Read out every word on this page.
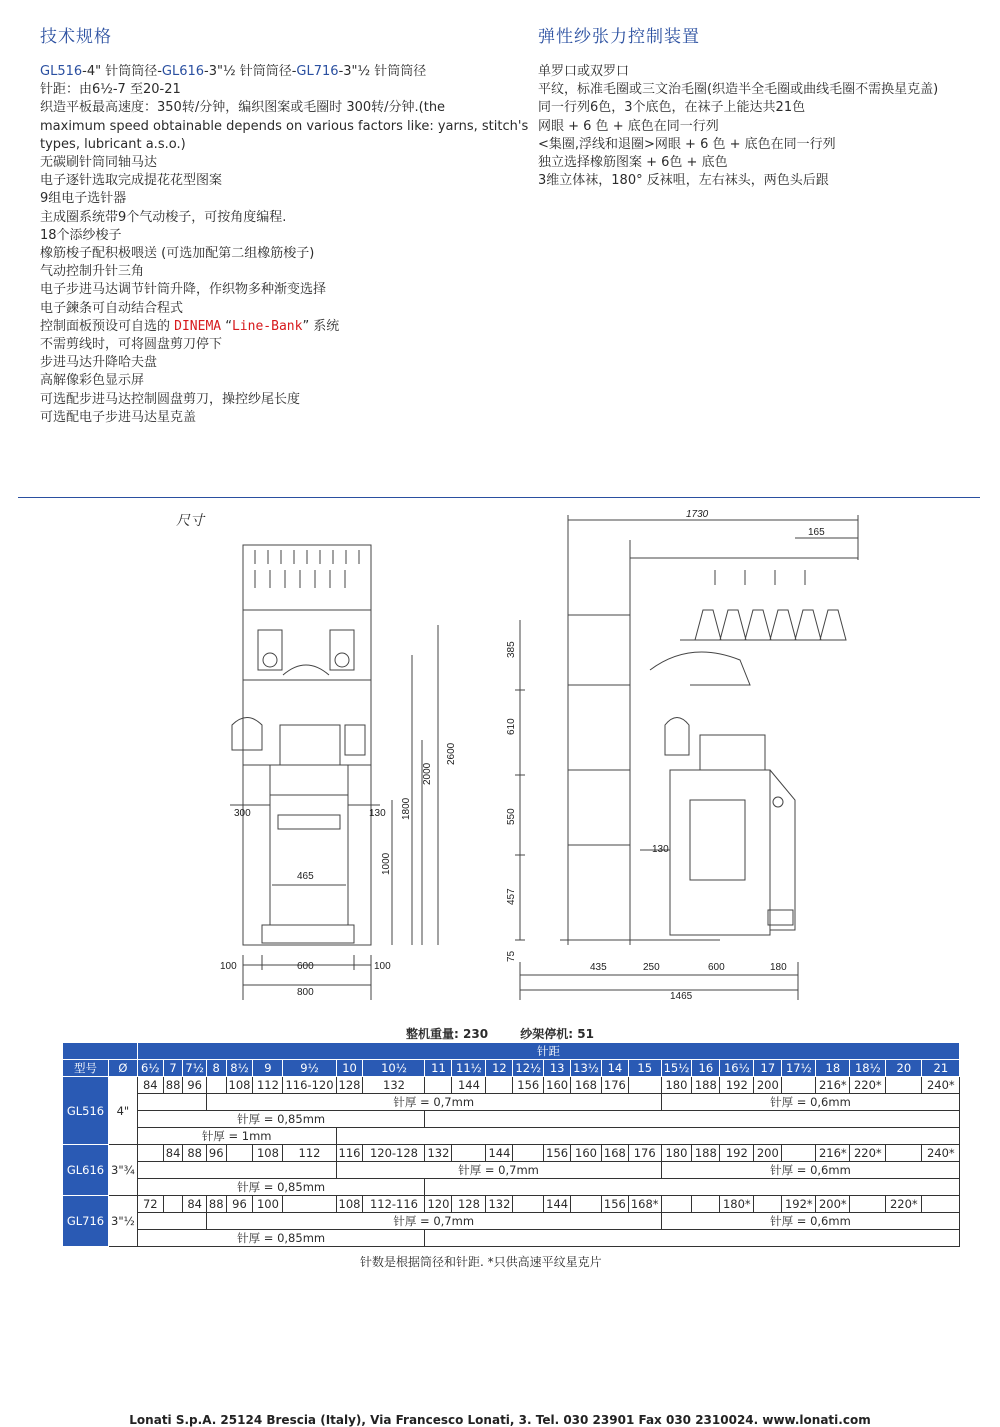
技术规格
GL516-4" 针筒筒径-GL616-3"½ 针筒筒径-GL716-3"½ 针筒筒径
针距：由6½-7 至20-21
织造平板最高速度：350转/分钟，编织图案或毛圈时 300转/分钟.(the
maximum speed obtainable depends on various factors like: yarns, stitch's
types, lubricant a.s.o.)
无碳刷针筒同轴马达
电子逐针选取完成提花花型图案
9组电子选针器
主成圈系统带9个气动梭子，可按角度编程.
18个添纱梭子
橡筋梭子配积极喂送 (可选加配第二组橡筋梭子)
气动控制升针三角
电子步进马达调节针筒升降，作织物多种渐变选择
电子鍊条可自动结合程式
控制面板预设可自选的 DINEMA “Line-Bank” 系统
不需剪线时，可将圆盘剪刀停下
步进马达升降哈夫盘
高解像彩色显示屏
可选配步进马达控制圆盘剪刀，操控纱尾长度
可选配电子步进马达星克盖
弹性纱张力控制装置
单罗口或双罗口
平纹，标准毛圈或三文治毛圈(织造半全毛圈或曲线毛圈不需换星克盖)
同一行列6色，3个底色，在袜子上能达共21色
网眼 + 6 色 + 底色在同一行列
<集圈,浮线和退圈>网眼 + 6 色 + 底色在同一行列
独立选择橡筋图案 + 6色 + 底色
3维立体袜，180° 反袜咀，左右袜头，两色头后跟
尺寸
300	130
465
1000
1800
2000
2600
100	600	100
800
1730
165
385
610
550
457
75
130
435	250	600	180
1465
整机重量: 230	纱架停机: 51
		针距																									
型号	Ø	6½	7	7½	8	8½	9	9½	10	10½	11	11½	12	12½	13	13½	14	15	15½	16	16½	17	17½	18	18½	20	21
GL516	4"	84	88	96		108	112	116-120	128	132		144		156	160	168	176		180	188	192	200		216*	220*		240*
					针厚 = 0,7mm														针厚 = 0,6mm								
		针厚 = 0,85mm																									
		针厚 = 1mm																									
GL616	3"¾		84	88	96		108	112	116	120-128	132		144		156	160	168	176	180	188	192	200		216*	220*		240*
									针厚 = 0,7mm										针厚 = 0,6mm								
		针厚 = 0,85mm																									
GL716	3"½	72		84	88	96	100		108	112-116	120	128	132		144		156	168*			180*		192*	200*		220*	
					针厚 = 0,7mm														针厚 = 0,6mm								
		针厚 = 0,85mm																									
针数是根据筒径和针距. *只供高速平纹星克片
Lonati S.p.A. 25124 Brescia (Italy), Via Francesco Lonati, 3. Tel. 030 23901 Fax 030 2310024. www.lonati.com
